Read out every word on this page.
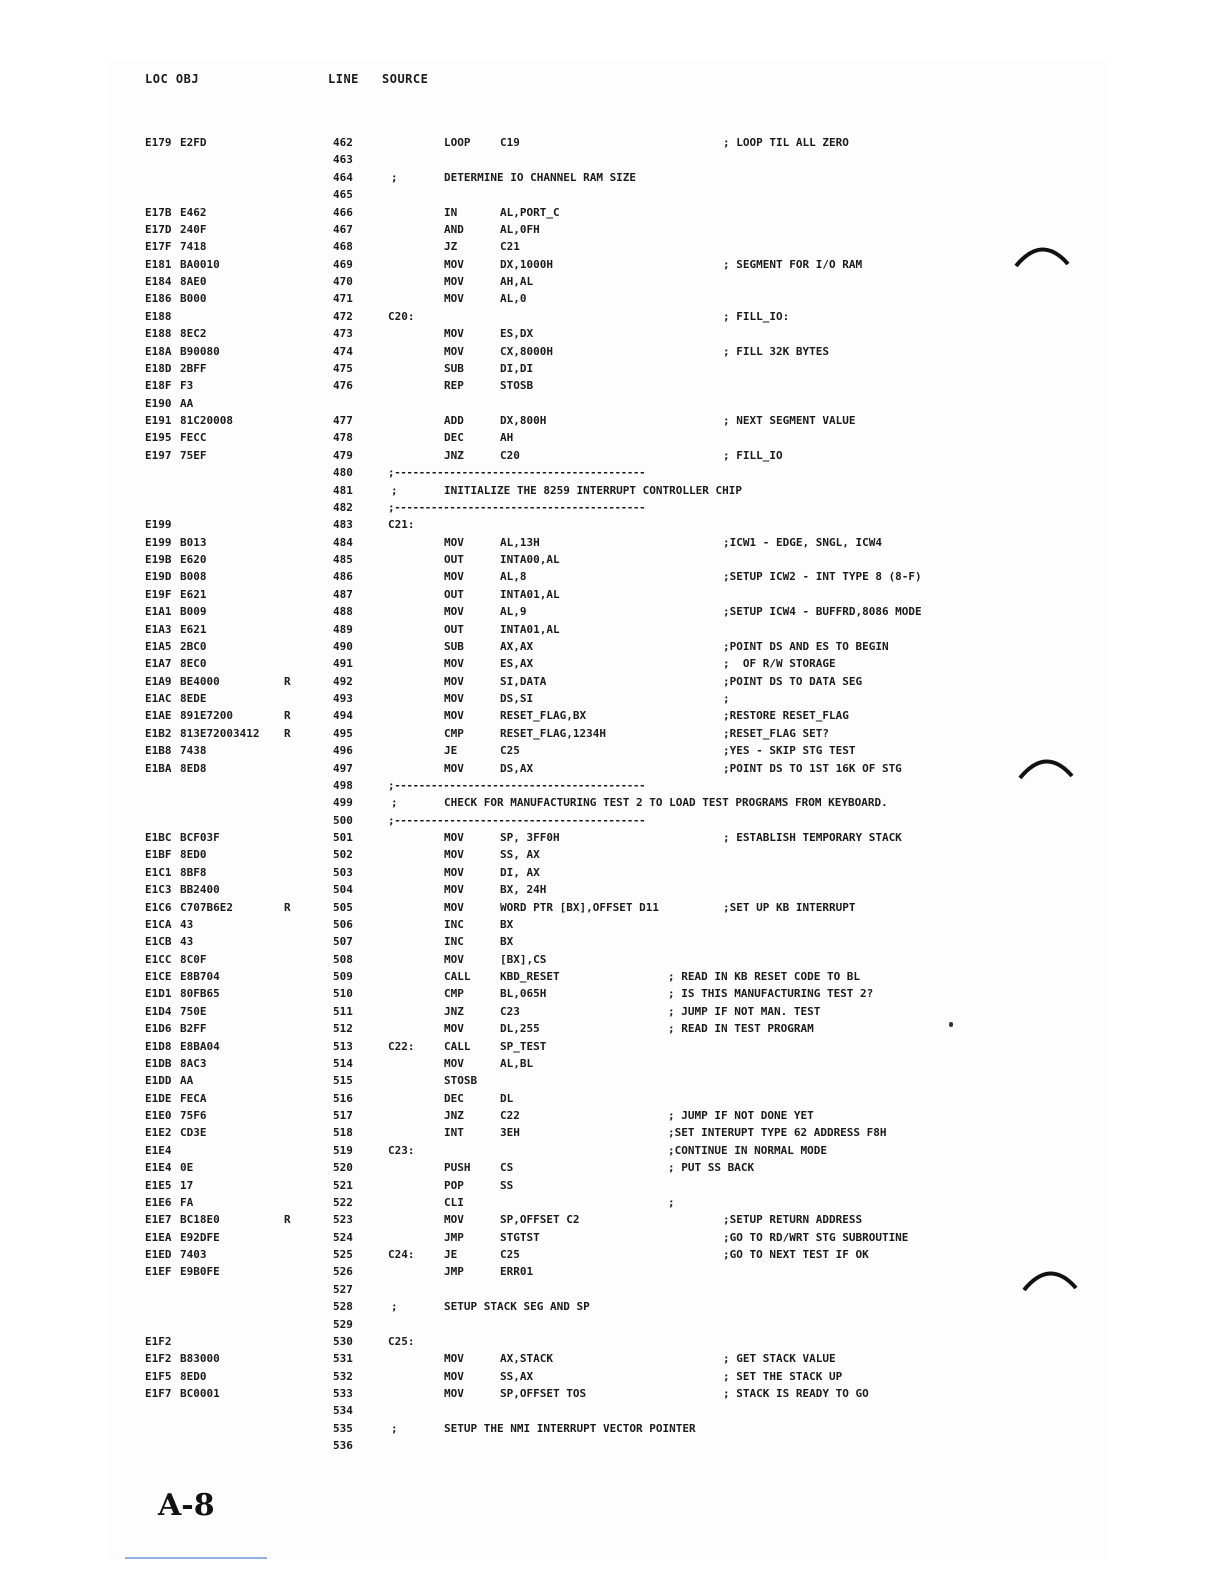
LOC OBJ	LINE SOURCE
E179 E2FD	462	LOOP	C19	; LOOP TIL ALL ZERO
463
464	;	DETERMINE IO CHANNEL RAM SIZE
465
E17B E462	466	IN	AL,PORT_C
E17D 240F	467	AND	AL,0FH
E17F 7418	468	JZ	C21
E181 BA0010	469	MOV	DX,1000H	; SEGMENT FOR I/O RAM
E184 8AE0	470	MOV	AH,AL
E186 B000	471	MOV	AL,0
E188	472	C20:	; FILL_IO:
E188 8EC2	473	MOV	ES,DX
E18A B90080	474	MOV	CX,8000H	; FILL 32K BYTES
E18D 2BFF	475	SUB	DI,DI
E18F F3	476	REP	STOSB
E190 AA
E191 81C20008	477	ADD	DX,800H	; NEXT SEGMENT VALUE
E195 FECC	478	DEC	AH
E197 75EF	479	JNZ	C20	; FILL_IO
480	;-----------------------------------------
481	;	INITIALIZE THE 8259 INTERRUPT CONTROLLER CHIP
482	;-----------------------------------------
E199	483	C21:
E199 B013	484	MOV	AL,13H	;ICW1 - EDGE, SNGL, ICW4
E19B E620	485	OUT	INTA00,AL
E19D B008	486	MOV	AL,8	;SETUP ICW2 - INT TYPE 8 (8-F)
E19F E621	487	OUT	INTA01,AL
E1A1 B009	488	MOV	AL,9	;SETUP ICW4 - BUFFRD,8086 MODE
E1A3 E621	489	OUT	INTA01,AL
E1A5 2BC0	490	SUB	AX,AX	;POINT DS AND ES TO BEGIN
E1A7 8EC0	491	MOV	ES,AX	;  OF R/W STORAGE
E1A9 BE4000	R	492	MOV	SI,DATA	;POINT DS TO DATA SEG
E1AC 8EDE	493	MOV	DS,SI	;
E1AE 891E7200	R	494	MOV	RESET_FLAG,BX	;RESTORE RESET_FLAG
E1B2 813E72003412 R	495	CMP	RESET_FLAG,1234H	;RESET_FLAG SET?
E1B8 7438	496	JE	C25	;YES - SKIP STG TEST
E1BA 8ED8	497	MOV	DS,AX	;POINT DS TO 1ST 16K OF STG
498	;-----------------------------------------
499	;	CHECK FOR MANUFACTURING TEST 2 TO LOAD TEST PROGRAMS FROM KEYBOARD.
500	;-----------------------------------------
E1BC BCF03F	501	MOV	SP, 3FF0H	; ESTABLISH TEMPORARY STACK
E1BF 8ED0	502	MOV	SS, AX
E1C1 8BF8	503	MOV	DI, AX
E1C3 BB2400	504	MOV	BX, 24H
E1C6 C707B6E2	R	505	MOV	WORD PTR [BX],OFFSET D11	;SET UP KB INTERRUPT
E1CA 43	506	INC	BX
E1CB 43	507	INC	BX
E1CC 8C0F	508	MOV	[BX],CS
E1CE E8B704	509	CALL	KBD_RESET	; READ IN KB RESET CODE TO BL
E1D1 80FB65	510	CMP	BL,065H	; IS THIS MANUFACTURING TEST 2?
E1D4 750E	511	JNZ	C23	; JUMP IF NOT MAN. TEST
E1D6 B2FF	512	MOV	DL,255	; READ IN TEST PROGRAM
E1D8 E8BA04	513	C22:	CALL	SP_TEST
E1DB 8AC3	514	MOV	AL,BL
E1DD AA	515	STOSB
E1DE FECA	516	DEC	DL
E1E0 75F6	517	JNZ	C22	; JUMP IF NOT DONE YET
E1E2 CD3E	518	INT	3EH	;SET INTERUPT TYPE 62 ADDRESS F8H
E1E4	519	C23:	;CONTINUE IN NORMAL MODE
E1E4 0E	520	PUSH	CS	; PUT SS BACK
E1E5 17	521	POP	SS
E1E6 FA	522	CLI	;
E1E7 BC18E0	R	523	MOV	SP,OFFSET C2	;SETUP RETURN ADDRESS
E1EA E92DFE	524	JMP	STGTST	;GO TO RD/WRT STG SUBROUTINE
E1ED 7403	525	C24:	JE	C25	;GO TO NEXT TEST IF OK
E1EF E9B0FE	526	JMP	ERR01
527
528	;	SETUP STACK SEG AND SP
529
E1F2	530	C25:
E1F2 B83000	531	MOV	AX,STACK	; GET STACK VALUE
E1F5 8ED0	532	MOV	SS,AX	; SET THE STACK UP
E1F7 BC0001	533	MOV	SP,OFFSET TOS	; STACK IS READY TO GO
534
535	;	SETUP THE NMI INTERRUPT VECTOR POINTER
536
A-8
